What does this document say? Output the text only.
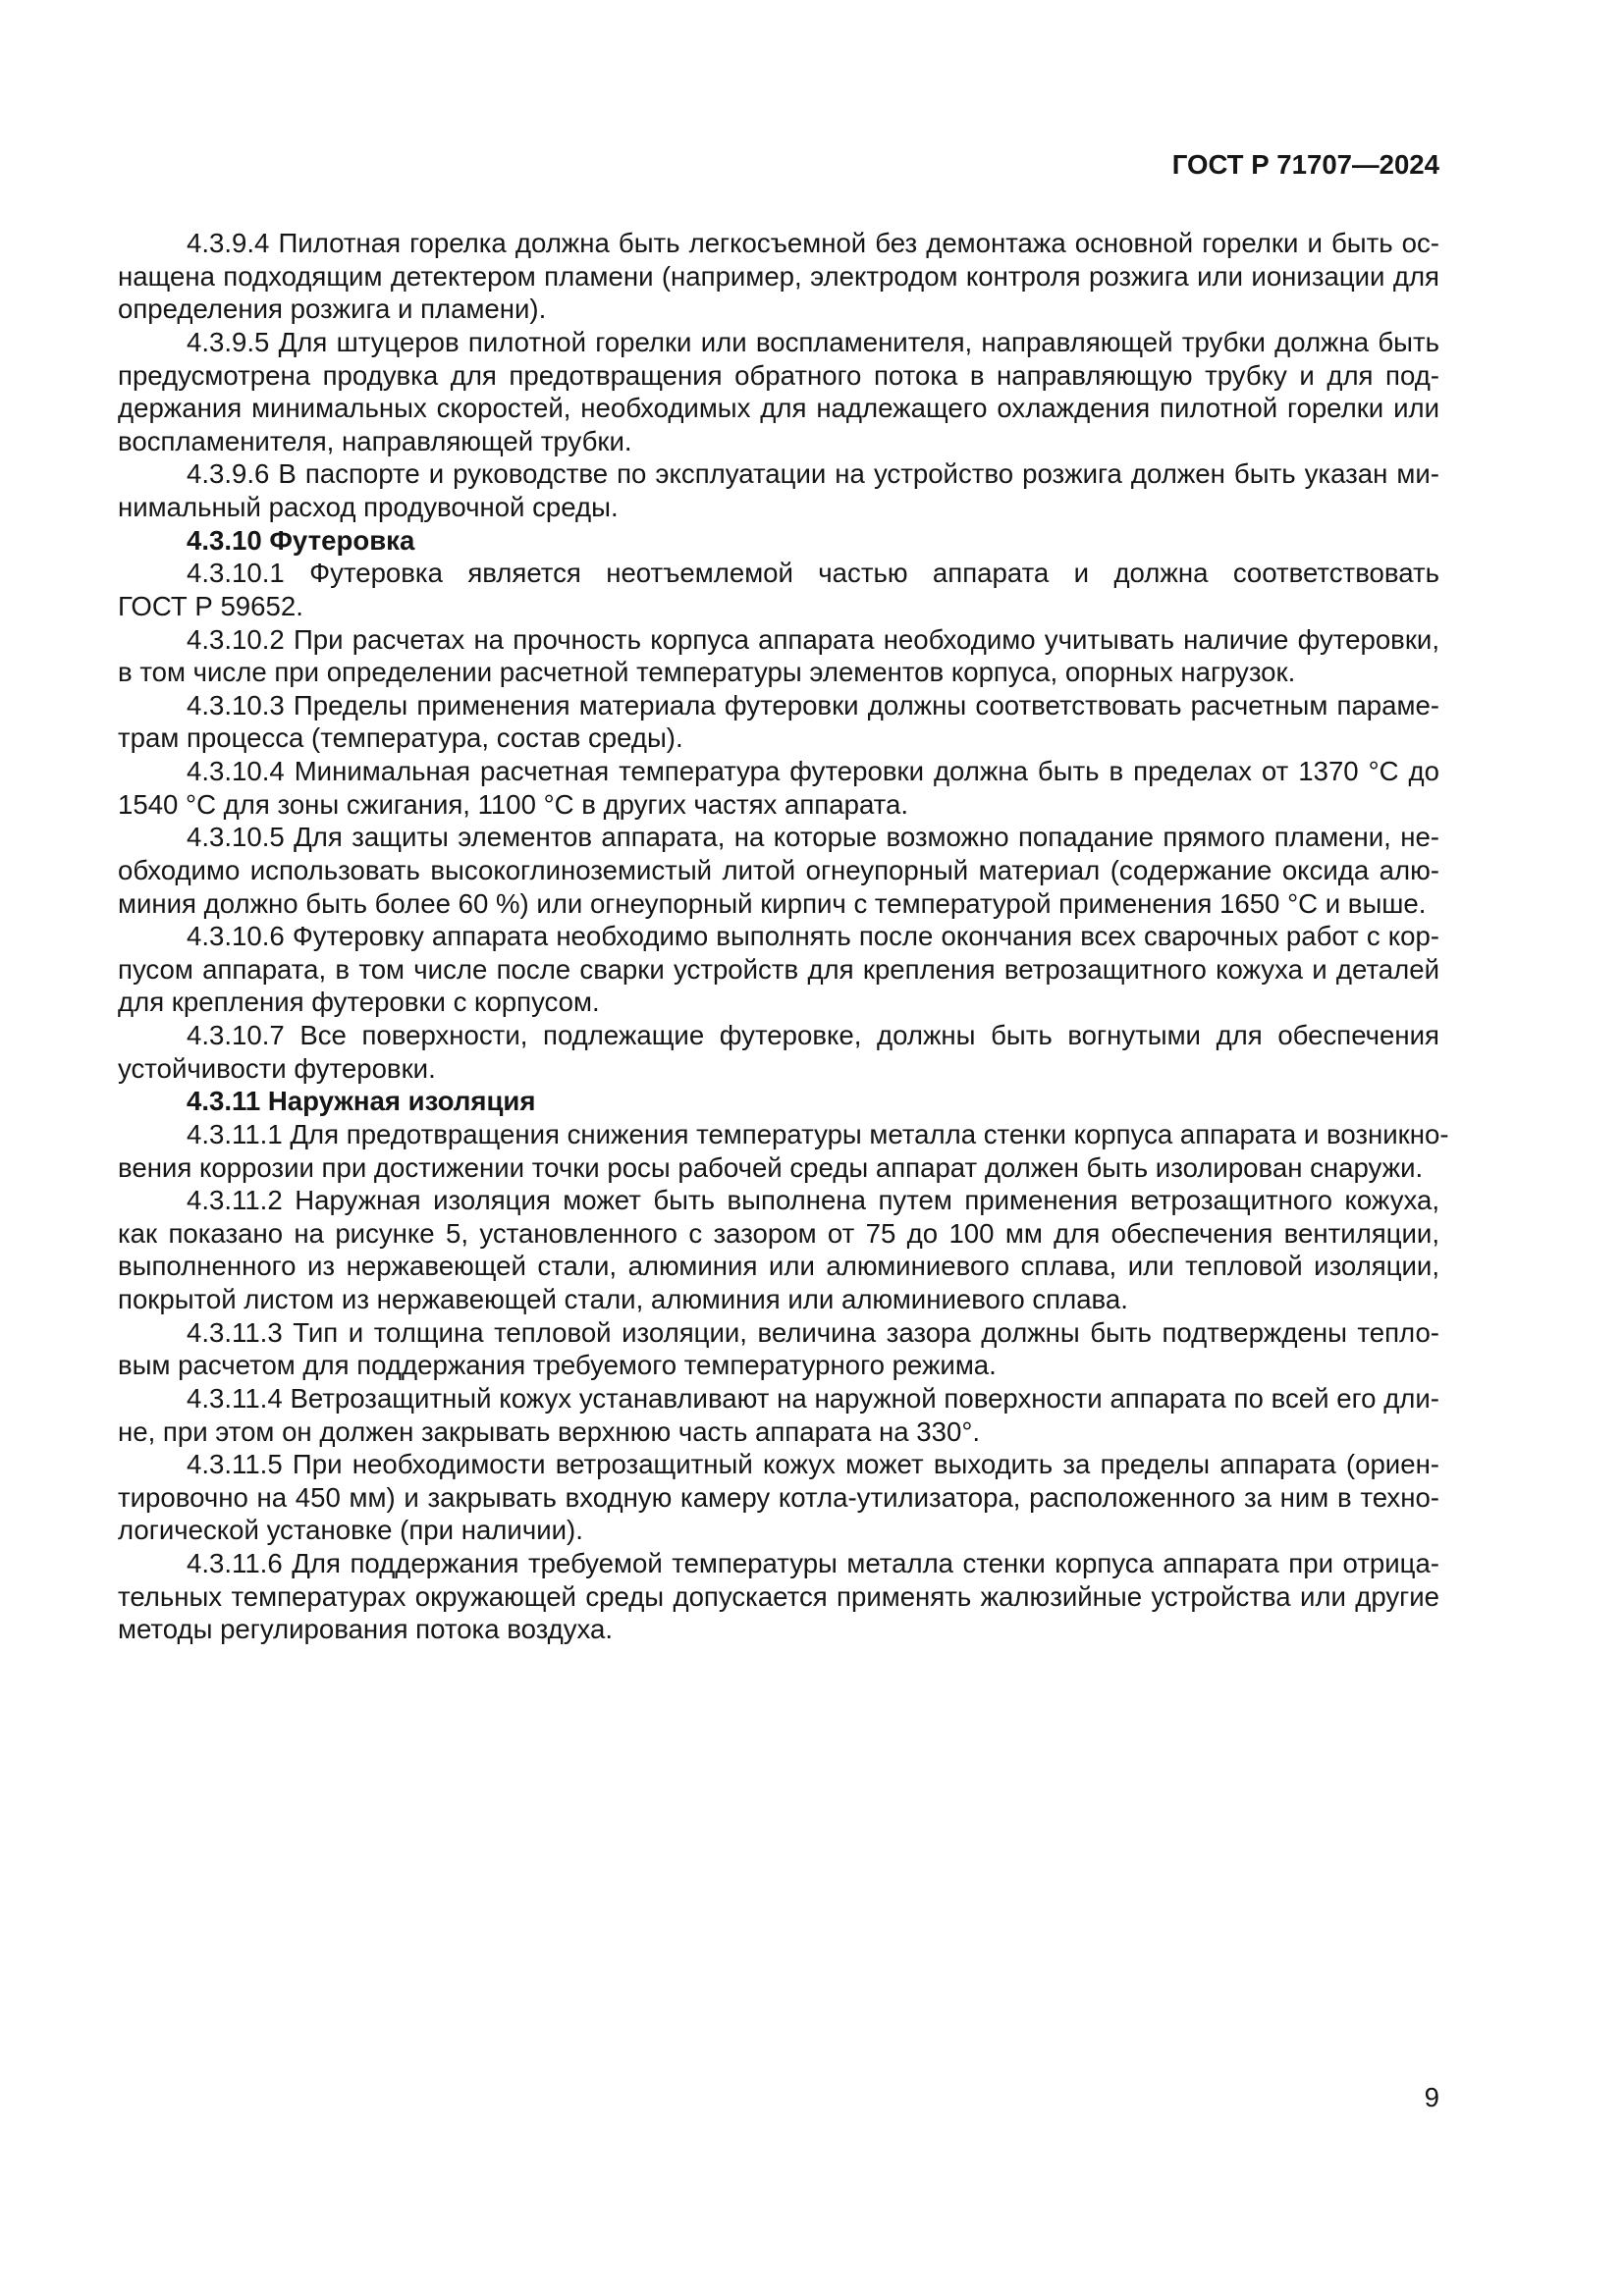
ГОСТ Р 71707—2024
4.3.9.4 Пилотная горелка должна быть легкосъемной без демонтажа основной горелки и быть ос-
нащена подходящим детектером пламени (например, электродом контроля розжига или ионизации для
определения розжига и пламени).
4.3.9.5 Для штуцеров пилотной горелки или воспламенителя, направляющей трубки должна быть
предусмотрена продувка для предотвращения обратного потока в направляющую трубку и для под-
держания минимальных скоростей, необходимых для надлежащего охлаждения пилотной горелки или
воспламенителя, направляющей трубки.
4.3.9.6 В паспорте и руководстве по эксплуатации на устройство розжига должен быть указан ми-
нимальный расход продувочной среды.
4.3.10 Футеровка
4.3.10.1 Футеровка является неотъемлемой частью аппарата и должна соответствовать
ГОСТ Р 59652.
4.3.10.2 При расчетах на прочность корпуса аппарата необходимо учитывать наличие футеровки,
в том числе при определении расчетной температуры элементов корпуса, опорных нагрузок.
4.3.10.3 Пределы применения материала футеровки должны соответствовать расчетным параме-
трам процесса (температура, состав среды).
4.3.10.4 Минимальная расчетная температура футеровки должна быть в пределах от 1370 °С до
1540 °С для зоны сжигания, 1100 °С в других частях аппарата.
4.3.10.5 Для защиты элементов аппарата, на которые возможно попадание прямого пламени, не-
обходимо использовать высокоглиноземистый литой огнеупорный материал (содержание оксида алю-
миния должно быть более 60 %) или огнеупорный кирпич с температурой применения 1650 °С и выше.
4.3.10.6 Футеровку аппарата необходимо выполнять после окончания всех сварочных работ с кор-
пусом аппарата, в том числе после сварки устройств для крепления ветрозащитного кожуха и деталей
для крепления футеровки с корпусом.
4.3.10.7 Все поверхности, подлежащие футеровке, должны быть вогнутыми для обеспечения
устойчивости футеровки.
4.3.11 Наружная изоляция
4.3.11.1 Для предотвращения снижения температуры металла стенки корпуса аппарата и возникно-
вения коррозии при достижении точки росы рабочей среды аппарат должен быть изолирован снаружи.
4.3.11.2 Наружная изоляция может быть выполнена путем применения ветрозащитного кожуха,
как показано на рисунке 5, установленного с зазором от 75 до 100 мм для обеспечения вентиляции,
выполненного из нержавеющей стали, алюминия или алюминиевого сплава, или тепловой изоляции,
покрытой листом из нержавеющей стали, алюминия или алюминиевого сплава.
4.3.11.3 Тип и толщина тепловой изоляции, величина зазора должны быть подтверждены тепло-
вым расчетом для поддержания требуемого температурного режима.
4.3.11.4 Ветрозащитный кожух устанавливают на наружной поверхности аппарата по всей его дли-
не, при этом он должен закрывать верхнюю часть аппарата на 330°.
4.3.11.5 При необходимости ветрозащитный кожух может выходить за пределы аппарата (ориен-
тировочно на 450 мм) и закрывать входную камеру котла-утилизатора, расположенного за ним в техно-
логической установке (при наличии).
4.3.11.6 Для поддержания требуемой температуры металла стенки корпуса аппарата при отрица-
тельных температурах окружающей среды допускается применять жалюзийные устройства или другие
методы регулирования потока воздуха.
9
